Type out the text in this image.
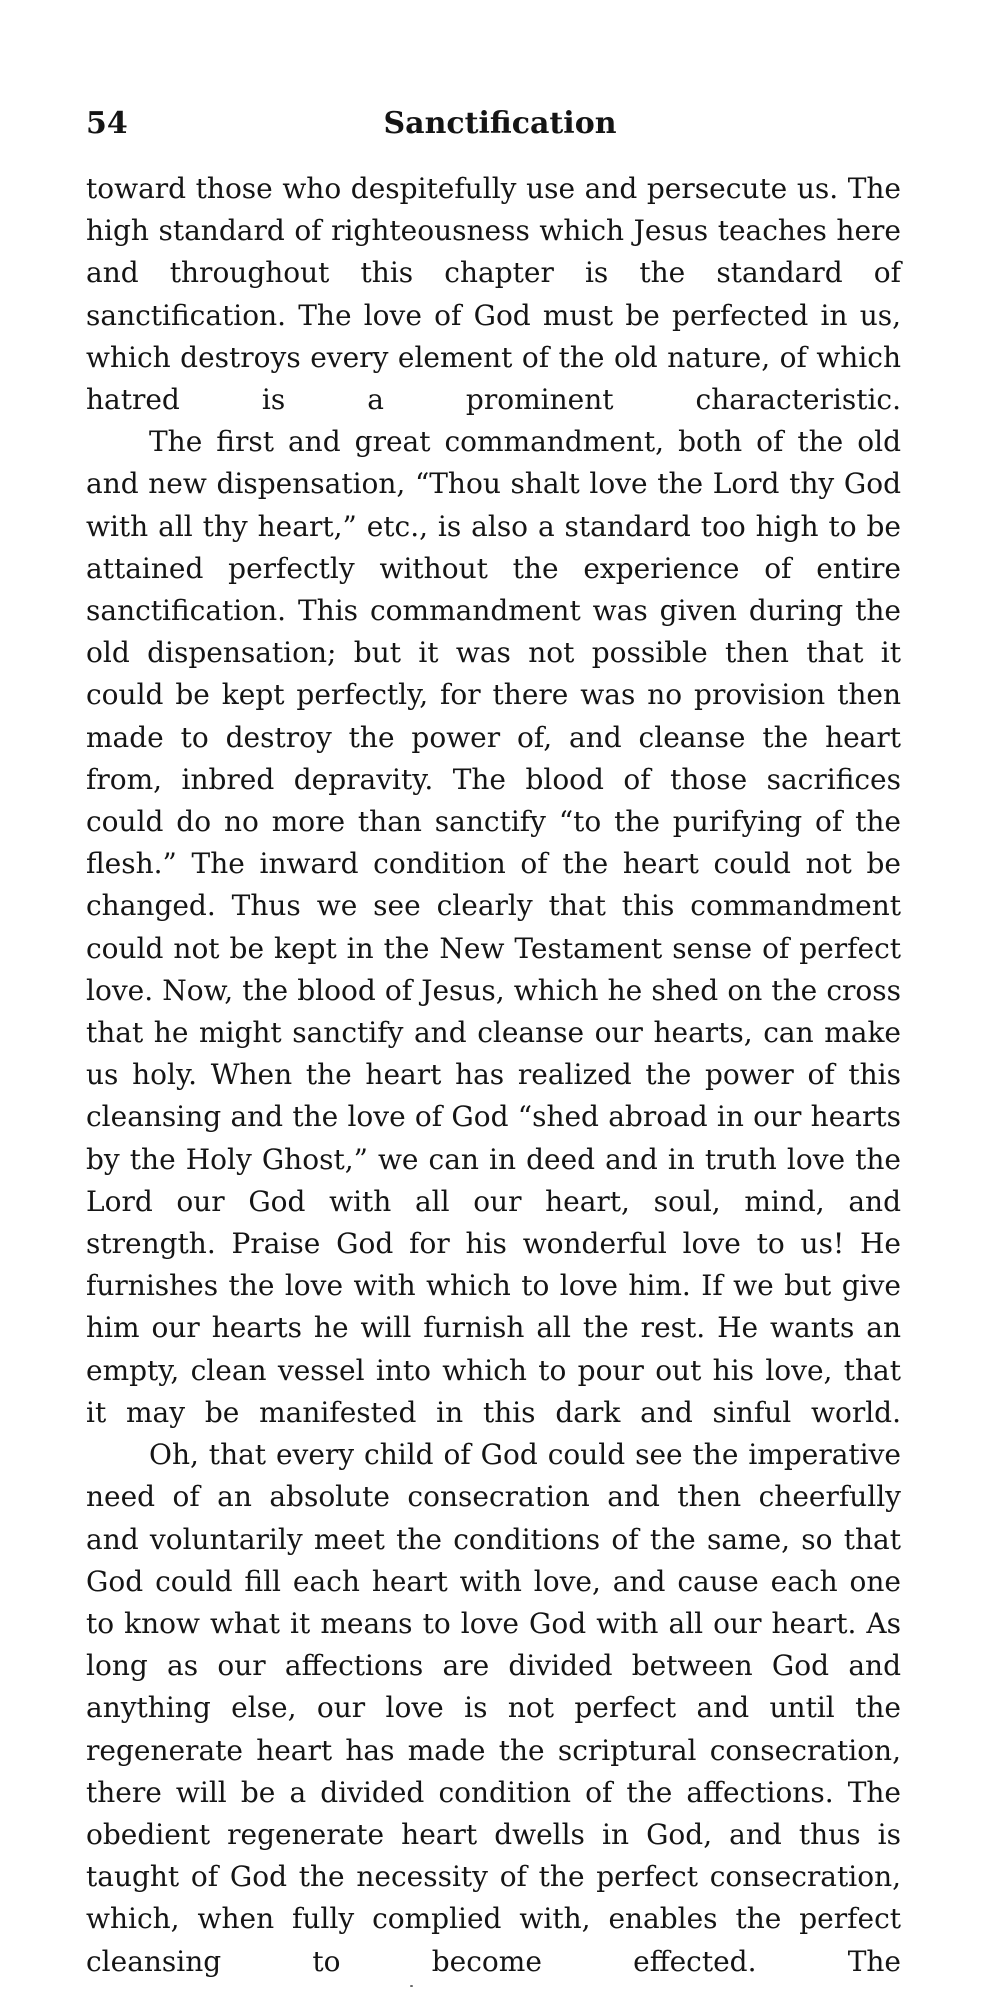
54	Sanctification

toward those who despitefully use and persecute us. The high standard of righteousness which Jesus teaches here and throughout this chapter is the standard of sanctification. The love of God must be perfected in us, which destroys every element of the old nature, of which hatred is a prominent characteristic.

The first and great commandment, both of the old and new dispensation, “Thou shalt love the Lord thy God with all thy heart,” etc., is also a standard too high to be attained perfectly without the experience of entire sanctification. This commandment was given during the old dispensation; but it was not possible then that it could be kept perfectly, for there was no provision then made to destroy the power of, and cleanse the heart from, inbred depravity. The blood of those sacrifices could do no more than sanctify “to the purifying of the flesh.” The inward condition of the heart could not be changed. Thus we see clearly that this commandment could not be kept in the New Testament sense of perfect love. Now, the blood of Jesus, which he shed on the cross that he might sanctify and cleanse our hearts, can make us holy. When the heart has realized the power of this cleansing and the love of God “shed abroad in our hearts by the Holy Ghost,” we can in deed and in truth love the Lord our God with all our heart, soul, mind, and strength. Praise God for his wonderful love to us! He furnishes the love with which to love him. If we but give him our hearts he will furnish all the rest. He wants an empty, clean vessel into which to pour out his love, that it may be manifested in this dark and sinful world.

Oh, that every child of God could see the imperative need of an absolute consecration and then cheerfully and voluntarily meet the conditions of the same, so that God could fill each heart with love, and cause each one to know what it means to love God with all our heart. As long as our affections are divided between God and anything else, our love is not perfect and until the regenerate heart has made the scriptural consecration, there will be a divided condition of the affections. The obedient regenerate heart dwells in God, and thus is taught of God the necessity of the perfect consecration, which, when fully complied with, enables the perfect cleansing to become effected. The
